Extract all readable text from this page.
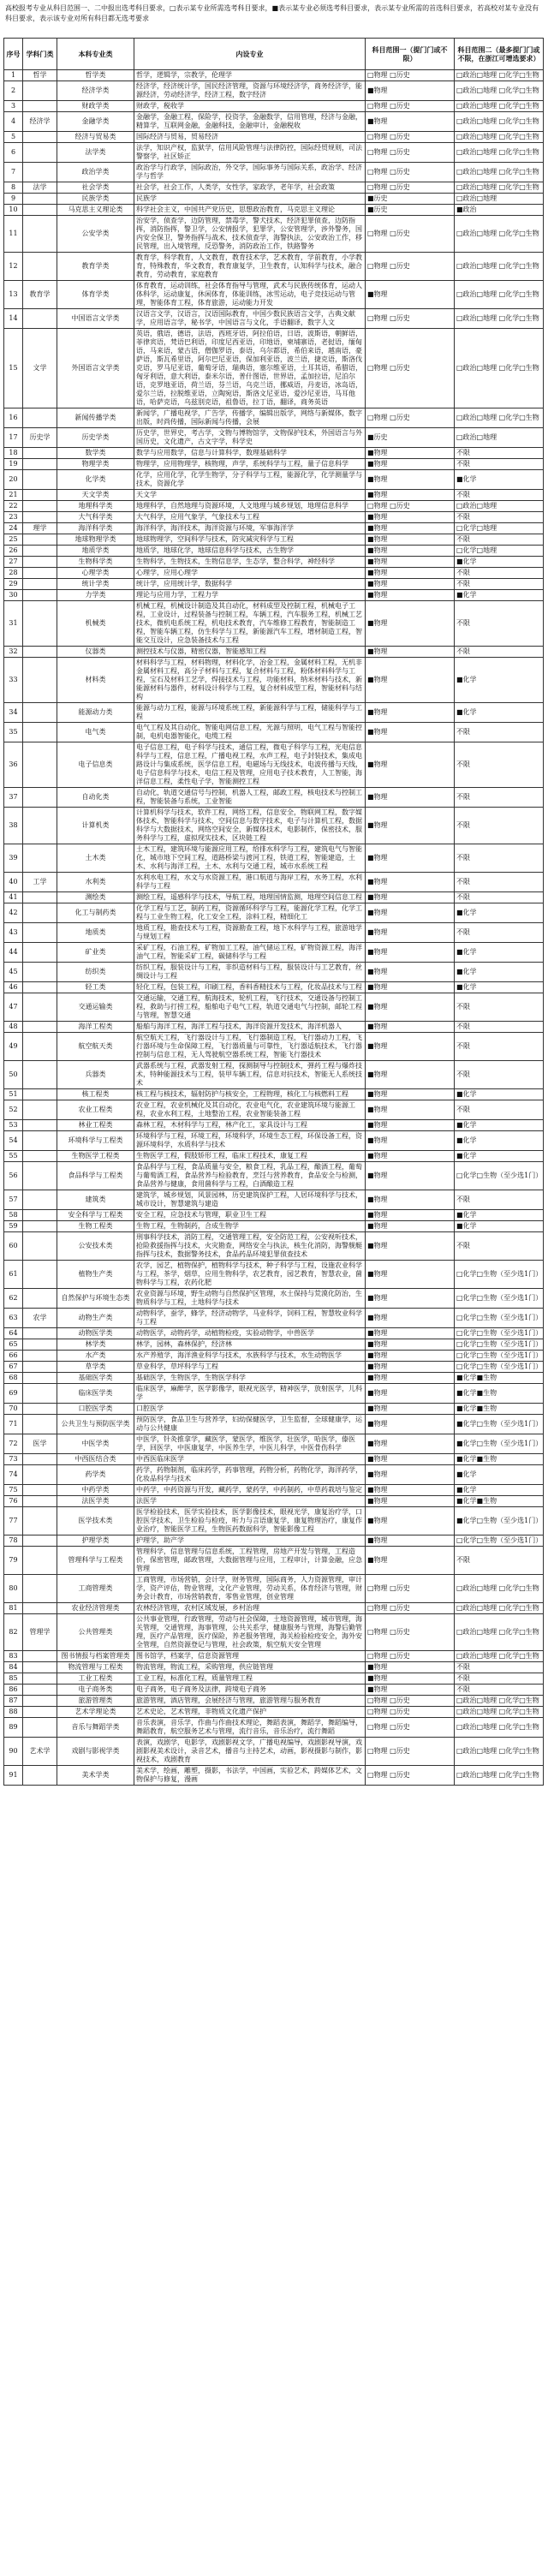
高校报考专业从科目范围一、二中报出选考科目要求，□表示某专业所需选考科目要求，■表示某专业必须选考科目要求，表示某专业所需的首选科目要求，若高校对某专业没有科目要求，表示该专业对所有科目都无选考要求
序号	学科门类	本科专业类	内设专业	科目范围一（提门门或不限）	科目范围二（最多提门门或不限，在浙江可增选要求）
1	哲学	哲学类	哲学，逻辑学，宗教学，伦理学	□物理 □历史	□政治□地理 □化学□生物
2		经济学类	经济学，经济统计学，国民经济管理，资源与环境经济学，商务经济学，能源经济，劳动经济学，经济工程，数字经济	■物理	□政治□地理 □化学□生物
3		财政学类	财政学，税收学	□物理 □历史	□政治□地理 □化学□生物
4	经济学	金融学类	金融学，金融工程，保险学，投资学，金融数学，信用管理，经济与金融，精算学，互联网金融，金融科技，金融审计，金融税收	■物理	□政治□地理 □化学□生物
5		经济与贸易类	国际经济与贸易，贸易经济	□物理 □历史	□政治□地理 □化学□生物
6		法学类	法学，知识产权，监狱学，信用风险管理与法律防控，国际经贸规则，司法警察学，社区矫正	□物理 □历史	□政治□地理 □化学□生物
7		政治学类	政治学与行政学，国际政治，外交学，国际事务与国际关系，政治学、经济学与哲学	□物理 □历史	□政治□地理 □化学□生物
8	法学	社会学类	社会学，社会工作，人类学，女性学，家政学，老年学，社会政策	□物理 □历史	□政治□地理 □化学□生物
9		民族学类	民族学	■历史	□政治□地理
10		马克思主义理论类	科学社会主义，中国共产党历史，思想政治教育，马克思主义理论	■历史	■政治
11		公安学类	治安学，侦查学，边防管理，禁毒学，警犬技术，经济犯罪侦查，边防指挥，消防指挥，警卫学，公安情报学，犯罪学，公安管理学，涉外警务，国内安全保卫，警务指挥与战术，技术侦查学，海警执法，公安政治工作，移民管理，出入境管理，反恐警务，消防政治工作，铁路警务	□物理 □历史	□政治□地理 □化学□生物
12		教育学类	教育学，科学教育，人文教育，教育技术学，艺术教育，学前教育，小学教育，特殊教育，华文教育，教育康复学，卫生教育，认知科学与技术，融合教育，劳动教育，家庭教育	□物理 □历史	□政治□地理 □化学□生物
13	教育学	体育学类	体育教育，运动训练，社会体育指导与管理，武术与民族传统体育，运动人体科学，运动康复，休闲体育，体能训练，冰雪运动，电子竞技运动与管理，智能体育工程，体育旅游，运动能力开发	■物理	□政治□地理 □化学□生物
14		中国语言文学类	汉语言文学，汉语言，汉语国际教育，中国少数民族语言文学，古典文献学，应用语言学，秘书学，中国语言与文化，手语翻译，数字人文	□物理 □历史	□政治□地理 □化学□生物
15	文学	外国语言文学类	英语，俄语，德语，法语，西班牙语，阿拉伯语，日语，波斯语，朝鲜语，菲律宾语，梵语巴利语，印度尼西亚语，印地语，柬埔寨语，老挝语，缅甸语，马来语，蒙古语，僧伽罗语，泰语，乌尔都语，希伯来语，越南语，豪萨语，斯瓦希里语，阿尔巴尼亚语，保加利亚语，波兰语，捷克语，斯洛伐克语，罗马尼亚语，葡萄牙语，瑞典语，塞尔维亚语，土耳其语，希腊语，匈牙利语，意大利语，泰米尔语，普什图语，世界语，孟加拉语，尼泊尔语，克罗地亚语，荷兰语，芬兰语，乌克兰语，挪威语，丹麦语，冰岛语，爱尔兰语，拉脱维亚语，立陶宛语，斯洛文尼亚语，爱沙尼亚语，马耳他语，哈萨克语，乌兹别克语，祖鲁语，拉丁语，翻译，商务英语	□物理 □历史	□政治□地理 □化学□生物
16		新闻传播学类	新闻学，广播电视学，广告学，传播学，编辑出版学，网络与新媒体，数字出版，时尚传播，国际新闻与传播，会展	□物理 □历史	□政治□地理 □化学□生物
17	历史学	历史学类	历史学，世界史，考古学，文物与博物馆学，文物保护技术，外国语言与外国历史，文化遗产，古文字学，科学史	■历史	□政治□地理
18		数学类	数学与应用数学，信息与计算科学，数理基础科学	■物理	不限
19		物理学类	物理学，应用物理学，核物理，声学，系统科学与工程，量子信息科学	■物理	不限
20		化学类	化学，应用化学，化学生物学，分子科学与工程，能源化学，化学测量学与技术，资源化学	■物理	■化学
21		天文学类	天文学	■物理	不限
22		地理科学类	地理科学，自然地理与资源环境，人文地理与城乡规划，地理信息科学	□物理 □历史	□政治□地理
23		大气科学类	大气科学，应用气象学，气象技术与工程	■物理	不限
24	理学	海洋科学类	海洋科学，海洋技术，海洋资源与环境，军事海洋学	■物理	□化学□地理
25		地球物理学类	地球物理学，空间科学与技术，防灾减灾科学与工程	■物理	不限
26		地质学类	地质学，地球化学，地球信息科学与技术，古生物学	■物理	□化学□地理
27		生物科学类	生物科学，生物技术，生物信息学，生态学，整合科学，神经科学	■物理	■化学
28		心理学类	心理学，应用心理学	■物理	不限
29		统计学类	统计学，应用统计学，数据科学	■物理	不限
30		力学类	理论与应用力学，工程力学	■物理	■化学
31		机械类	机械工程，机械设计制造及其自动化，材料成型及控制工程，机械电子工程，工业设计，过程装备与控制工程，车辆工程，汽车服务工程，机械工艺技术，微机电系统工程，机电技术教育，汽车维修工程教育，智能制造工程，智能车辆工程，仿生科学与工程，新能源汽车工程，增材制造工程，智能交互设计，应急装备技术与工程	■物理	不限
32		仪器类	测控技术与仪器，精密仪器，智能感知工程	■物理	不限
33		材料类	材料科学与工程，材料物理，材料化学，冶金工程，金属材料工程，无机非金属材料工程，高分子材料与工程，复合材料与工程，粉体材料科学与工程，宝石及材料工艺学，焊接技术与工程，功能材料，纳米材料与技术，新能源材料与器件，材料设计科学与工程，复合材料成型工程，智能材料与结构	■物理	■化学
34		能源动力类	能源与动力工程，能源与环境系统工程，新能源科学与工程，储能科学与工程	■物理	■化学
35		电气类	电气工程及其自动化，智能电网信息工程，光源与照明，电气工程与智能控制，电机电器智能化，电缆工程	■物理	不限
36		电子信息类	电子信息工程，电子科学与技术，通信工程，微电子科学与工程，光电信息科学与工程，信息工程，广播电视工程，水声工程，电子封装技术，集成电路设计与集成系统，医学信息工程，电磁场与无线技术，电波传播与天线，电子信息科学与技术，电信工程及管理，应用电子技术教育，人工智能，海洋信息工程，柔性电子学，智能测控工程	■物理	不限
37		自动化类	自动化，轨道交通信号与控制，机器人工程，邮政工程，核电技术与控制工程，智能装备与系统，工业智能	■物理	不限
38		计算机类	计算机科学与技术，软件工程，网络工程，信息安全，物联网工程，数字媒体技术，智能科学与技术，空间信息与数字技术，电子与计算机工程，数据科学与大数据技术，网络空间安全，新媒体技术，电影制作，保密技术，服务科学与工程，虚拟现实技术，区块链工程	■物理	不限
39		土木类	土木工程，建筑环境与能源应用工程，给排水科学与工程，建筑电气与智能化，城市地下空间工程，道路桥梁与渡河工程，铁道工程，智能建造，土木、水利与海洋工程，土木、水利与交通工程，城市水系统工程	■物理	不限
40	工学	水利类	水利水电工程，水文与水资源工程，港口航道与海岸工程，水务工程，水利科学与工程	■物理	不限
41		测绘类	测绘工程，遥感科学与技术，导航工程，地理国情监测，地理空间信息工程	■物理	不限
42		化工与制药类	化学工程与工艺，制药工程，资源循环科学与工程，能源化学工程，化学工程与工业生物工程，化工安全工程，涂料工程，精细化工	■物理	■化学
43		地质类	地质工程，勘查技术与工程，资源勘查工程，地下水科学与工程，旅游地学与规划工程	■物理	不限
44		矿业类	采矿工程，石油工程，矿物加工工程，油气储运工程，矿物资源工程，海洋油气工程，智能采矿工程，碳储科学与工程	■物理	■化学
45		纺织类	纺织工程，服装设计与工程，非织造材料与工程，服装设计与工艺教育，丝绸设计与工程	■物理	■化学
46		轻工类	轻化工程，包装工程，印刷工程，香料香精技术与工程，化妆品技术与工程	■物理	■化学
47		交通运输类	交通运输，交通工程，航海技术，轮机工程，飞行技术，交通设备与控制工程，救助与打捞工程，船舶电子电气工程，轨道交通电气与控制，邮轮工程与管理，智慧交通	■物理	不限
48		海洋工程类	船舶与海洋工程，海洋工程与技术，海洋资源开发技术，海洋机器人	■物理	不限
49		航空航天类	航空航天工程，飞行器设计与工程，飞行器制造工程，飞行器动力工程，飞行器环境与生命保障工程，飞行器质量与可靠性，飞行器适航技术，飞行器控制与信息工程，无人驾驶航空器系统工程，智能飞行器技术	■物理	不限
50		兵器类	武器系统与工程，武器发射工程，探测制导与控制技术，弹药工程与爆炸技术，特种能源技术与工程，装甲车辆工程，信息对抗技术，智能无人系统技术	■物理	不限
51		核工程类	核工程与核技术，辐射防护与核安全，工程物理，核化工与核燃料工程	■物理	■化学
52		农业工程类	农业工程，农业机械化及其自动化，农业电气化，农业建筑环境与能源工程，农业水利工程，土地整治工程，农业智能装备工程	■物理	不限
53		林业工程类	森林工程，木材科学与工程，林产化工，家具设计与工程	■物理	■化学
54		环境科学与工程类	环境科学与工程，环境工程，环境科学，环境生态工程，环保设备工程，资源环境科学，水质科学与技术	■物理	■化学
55		生物医学工程类	生物医学工程，假肢矫形工程，临床工程技术，康复工程	■物理	■化学
56		食品科学与工程类	食品科学与工程，食品质量与安全，粮食工程，乳品工程，酿酒工程，葡萄与葡萄酒工程，食品营养与检验教育，烹饪与营养教育，食品安全与检测，食品营养与健康，食用菌科学与工程，白酒酿造工程	■物理	□化学□生物（至少选1门）
57		建筑类	建筑学，城乡规划，风景园林，历史建筑保护工程，人居环境科学与技术，城市设计，智慧建筑与建造	■物理	不限
58		安全科学与工程类	安全工程，应急技术与管理，职业卫生工程	■物理	■化学
59		生物工程类	生物工程，生物制药，合成生物学	■物理	■化学
60		公安技术类	刑事科学技术，消防工程，交通管理工程，安全防范工程，公安视听技术，抢险救援指挥与技术，火灾勘查，网络安全与执法，核生化消防，海警舰艇指挥与技术，数据警务技术，食品药品环境犯罪侦查技术	■物理	不限
61		植物生产类	农学，园艺，植物保护，植物科学与技术，种子科学与工程，设施农业科学与工程，茶学，烟草，应用生物科学，农艺教育，园艺教育，智慧农业，菌物科学与工程，农药化肥	■物理	□化学□生物（至少选1门）
62		自然保护与环境生态类	农业资源与环境，野生动物与自然保护区管理，水土保持与荒漠化防治，生物质科学与工程，土地科学与技术	■物理	□化学□生物（至少选1门）
63	农学	动物生产类	动物科学，蚕学，蜂学，经济动物学，马业科学，饲料工程，智慧牧业科学与工程	■物理	□化学□生物（至少选1门）
64		动物医学类	动物医学，动物药学，动植物检疫，实验动物学，中兽医学	■物理	□化学□生物（至少选1门）
65		林学类	林学，园林，森林保护，经济林	■物理	□化学□生物（至少选1门）
66		水产类	水产养殖学，海洋渔业科学与技术，水族科学与技术，水生动物医学	■物理	□化学□生物（至少选1门）
67		草学类	草业科学，草坪科学与工程	■物理	□化学□生物（至少选1门）
68		基础医学类	基础医学，生物医学，生物医学科学	■物理	■化学■生物
69		临床医学类	临床医学，麻醉学，医学影像学，眼视光医学，精神医学，放射医学，儿科学	■物理	■化学■生物
70		口腔医学类	口腔医学	■物理	■化学■生物
71		公共卫生与预防医学类	预防医学，食品卫生与营养学，妇幼保健医学，卫生监督，全球健康学，运动与公共健康	■物理	■化学□生物（至少选1门）
72	医学	中医学类	中医学，针灸推拿学，藏医学，蒙医学，维医学，壮医学，哈医学，傣医学，回医学，中医康复学，中医养生学，中医儿科学，中医骨伤科学	■物理	■化学□生物（至少选1门）
73		中西医结合类	中西医临床医学	■物理	■化学■生物
74		药学类	药学，药物制剂，临床药学，药事管理，药物分析，药物化学，海洋药学，化妆品科学与技术	■物理	■化学
75		中药学类	中药学，中药资源与开发，藏药学，蒙药学，中药制药，中草药栽培与鉴定	■物理	■化学
76		法医学类	法医学	■物理	■化学■生物
77		医学技术类	医学检验技术，医学实验技术，医学影像技术，眼视光学，康复治疗学，口腔医学技术，卫生检验与检疫，听力与言语康复学，康复物理治疗，康复作业治疗，智能医学工程，生物医药数据科学，智能影像工程	■物理	■化学□生物（至少选1门）
78		护理学类	护理学，助产学	■物理	□化学□生物（至少选1门）
79		管理科学与工程类	管理科学，信息管理与信息系统，工程管理，房地产开发与管理，工程造价，保密管理，邮政管理，大数据管理与应用，工程审计，计算金融，应急管理	■物理	不限
80		工商管理类	工商管理，市场营销，会计学，财务管理，国际商务，人力资源管理，审计学，资产评估，物业管理，文化产业管理，劳动关系，体育经济与管理，财务会计教育，市场营销教育，零售业管理，创业管理	□物理 □历史	□政治□地理 □化学□生物
81		农业经济管理类	农林经济管理，农村区域发展，乡村治理	□物理 □历史	□政治□地理 □化学□生物
82	管理学	公共管理类	公共事业管理，行政管理，劳动与社会保障，土地资源管理，城市管理，海关管理，交通管理，海事管理，公共关系学，健康服务与管理，海警后勤管理，医疗产品管理，医疗保险，养老服务管理，海关检验检疫安全，海外安全管理，自然资源登记与管理，社会政策，航空航天安全管理	□物理 □历史	□政治□地理 □化学□生物
83		图书情报与档案管理类	图书馆学，档案学，信息资源管理	□物理 □历史	□政治□地理 □化学□生物
84		物流管理与工程类	物流管理，物流工程，采购管理，供应链管理	■物理	不限
85		工业工程类	工业工程，标准化工程，质量管理工程	■物理	不限
86		电子商务类	电子商务，电子商务及法律，跨境电子商务	■物理	不限
87		旅游管理类	旅游管理，酒店管理，会展经济与管理，旅游管理与服务教育	□物理 □历史	□政治□地理 □化学□生物
88		艺术学理论类	艺术史论，艺术管理，非物质文化遗产保护	□物理 □历史	□政治□地理 □化学□生物
89		音乐与舞蹈学类	音乐表演，音乐学，作曲与作曲技术理论，舞蹈表演，舞蹈学，舞蹈编导，舞蹈教育，航空服务艺术与管理，流行音乐，音乐治疗，流行舞蹈	□物理 □历史	□政治□地理 □化学□生物
90	艺术学	戏剧与影视学类	表演，戏剧学，电影学，戏剧影视文学，广播电视编导，戏剧影视导演，戏剧影视美术设计，录音艺术，播音与主持艺术，动画，影视摄影与制作，影视技术，戏剧教育	□物理 □历史	□政治□地理 □化学□生物
91		美术学类	美术学，绘画，雕塑，摄影，书法学，中国画，实验艺术，跨媒体艺术，文物保护与修复，漫画	□物理 □历史	□政治□地理 □化学□生物
